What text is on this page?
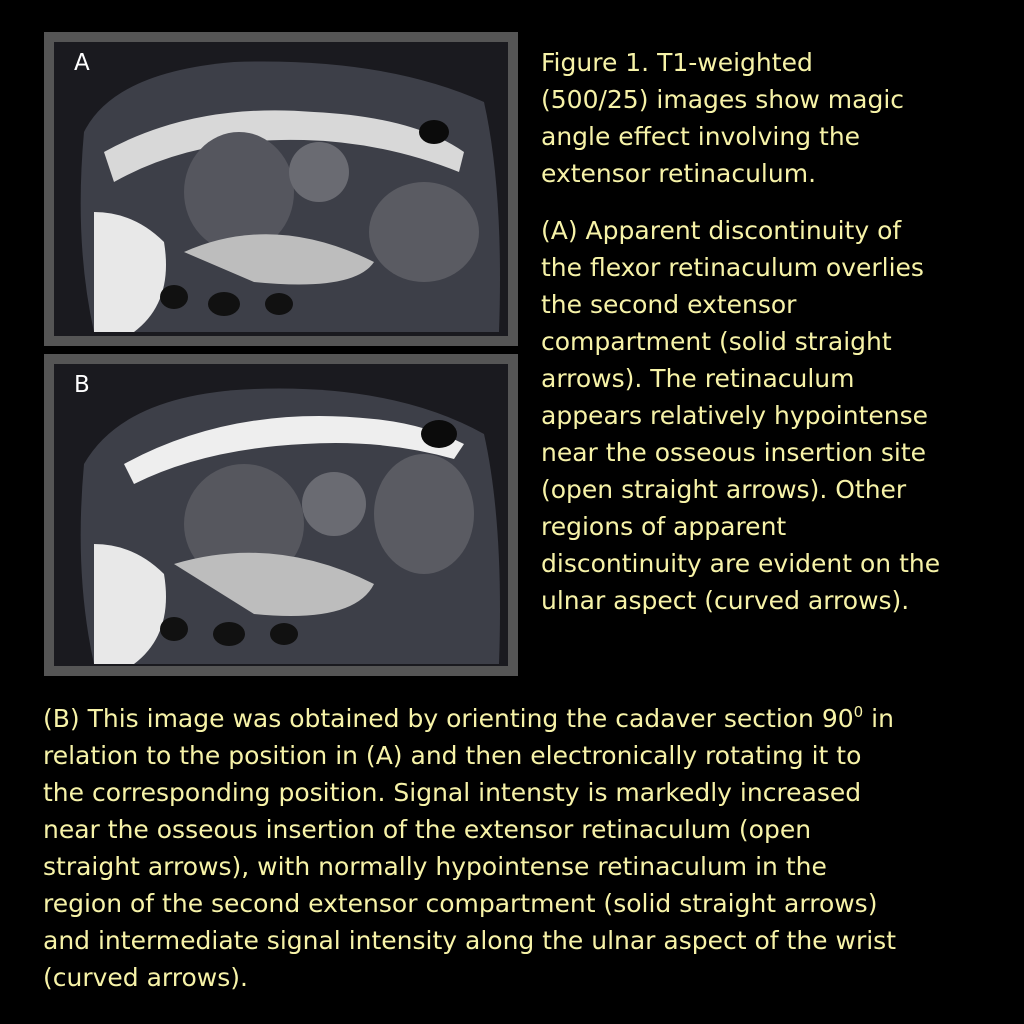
A
B

Figure 1. T1-weighted

(500/25) images show magic

angle effect involving the

extensor retinaculum.

(A) Apparent discontinuity of

the flexor retinaculum overlies

the second extensor

compartment (solid straight

arrows). The retinaculum

appears relatively hypointense

near the osseous insertion site

(open straight arrows). Other

regions of apparent

discontinuity are evident on the

ulnar aspect (curved arrows).

(B) This image was obtained by orienting the cadaver section $90^0$ in

relation to the position in (A) and then electronically rotating it to

the corresponding position. Signal intensty is markedly increased

near the osseous insertion of the extensor retinaculum (open

straight arrows), with normally hypointense retinaculum in the

region of the second extensor compartment (solid straight arrows)

and intermediate signal intensity along the ulnar aspect of the wrist

(curved arrows).
